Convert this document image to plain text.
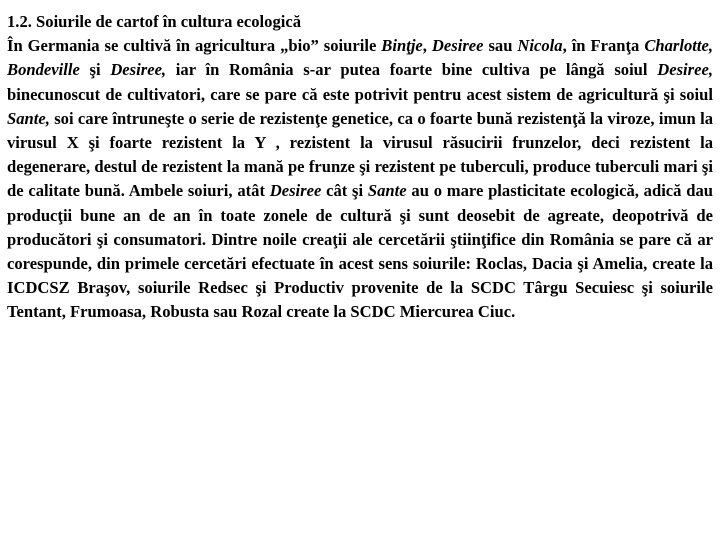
1.2. Soiurile de cartof în cultura ecologică

În Germania se cultivă în agricultura „bio” soiurile Binţje, Desiree sau Nicola, în Franţa Charlotte, Bondeville şi Desiree, iar în România s-ar putea foarte bine cultiva pe lângă soiul Desiree, binecunoscut de cultivatori, care se pare că este potrivit pentru acest sistem de agricultură şi soiul Sante, soi care întruneşte o serie de rezistenţe genetice, ca o foarte bună rezistenţă la viroze, imun la virusul X şi foarte rezistent la Y , rezistent la virusul răsucirii frunzelor, deci rezistent la degenerare, destul de rezistent la mană pe frunze şi rezistent pe tuberculi, produce tuberculi mari şi de calitate bună. Ambele soiuri, atât Desiree cât şi Sante au o mare plasticitate ecologică, adică dau producţii bune an de an în toate zonele de cultură şi sunt deosebit de agreate, deopotrivă de producători şi consumatori. Dintre noile creaţii ale cercetării ştiinţifice din România se pare că ar corespunde, din primele cercetări efectuate în acest sens soiurile: Roclas, Dacia şi Amelia, create la ICDCSZ Braşov, soiurile Redsec şi Productiv provenite de la SCDC Târgu Secuiesc şi soiurile Tentant, Frumoasa, Robusta sau Rozal create la SCDC Miercurea Ciuc.
